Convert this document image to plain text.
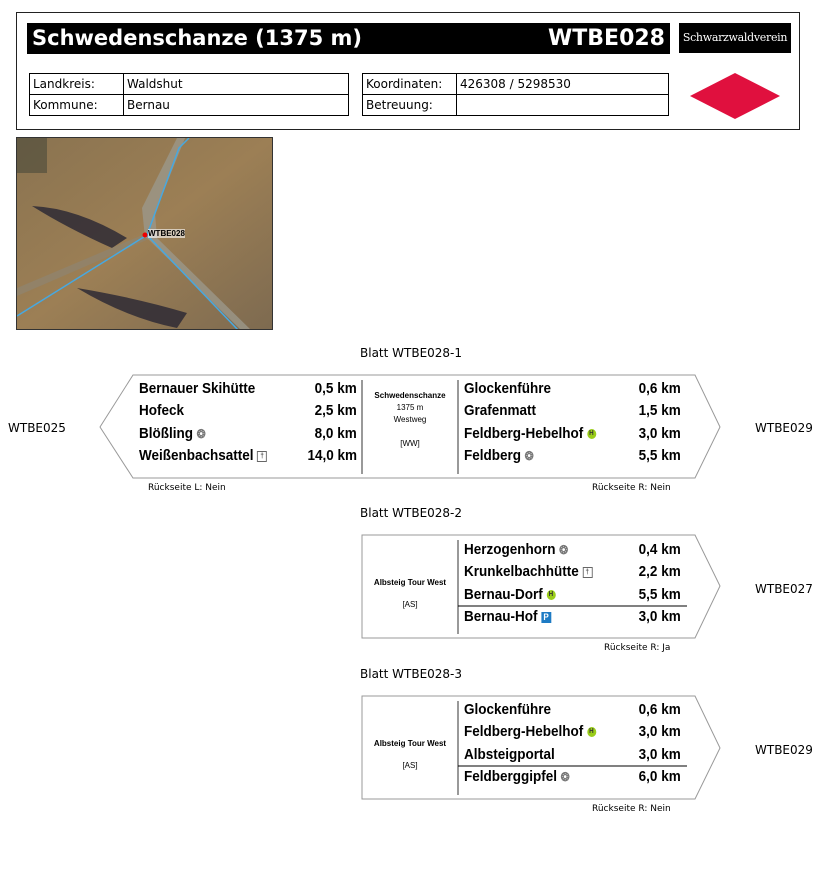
Schwedenschanze (1375 m)	WTBE028	Schwarzwaldverein
Landkreis:	Waldshut
Kommune:	Bernau
Koordinaten:	426308 / 5298530
Betreuung:	
WTBE028
Blatt WTBE028-1
WTBE025	WTBE029
Bernauer Skihütte	0,5 km
Hofeck	2,5 km
Blößling ❂	8,0 km
Weißenbachsattel †	14,0 km
Glockenführe	0,6 km
Grafenmatt	1,5 km
Feldberg-Hebelhof H	3,0 km
Feldberg ❂	5,5 km
Herzogenhorn ❂	0,4 km
Krunkelbachhütte †	2,2 km
Bernau-Dorf H	5,5 km
Bernau-Hof P	3,0 km
Glockenführe	0,6 km
Feldberg-Hebelhof H	3,0 km
Albsteigportal	3,0 km
Feldberggipfel ❂	6,0 km
Schwedenschanze
1375 m
Westweg
[WW]
Rückseite L: Nein	Rückseite R: Nein
Blatt WTBE028-2
WTBE027
Albsteig Tour West
[AS]
Rückseite R: Ja
Blatt WTBE028-3
WTBE029
Albsteig Tour West
[AS]
Rückseite R: Nein
